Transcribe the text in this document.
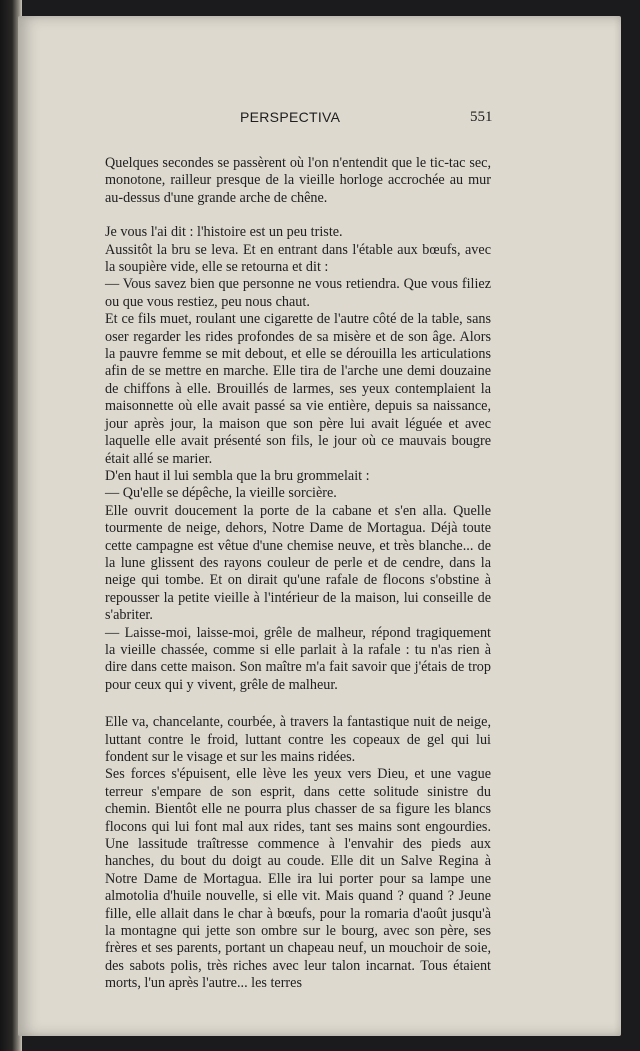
PERSPECTIVA	551

Quelques secondes se passèrent où l'on n'entendit que le tic-tac sec, monotone, railleur presque de la vieille horloge accrochée au mur au-dessus d'une grande arche de chêne.

Je vous l'ai dit : l'histoire est un peu triste.

Aussitôt la bru se leva. Et en entrant dans l'étable aux bœufs, avec la soupière vide, elle se retourna et dit :

— Vous savez bien que personne ne vous retiendra. Que vous filiez ou que vous restiez, peu nous chaut.

Et ce fils muet, roulant une cigarette de l'autre côté de la table, sans oser regarder les rides profondes de sa misère et de son âge. Alors la pauvre femme se mit debout, et elle se dérouilla les articulations afin de se mettre en marche. Elle tira de l'arche une demi douzaine de chiffons à elle. Brouillés de larmes, ses yeux contemplaient la maisonnette où elle avait passé sa vie entière, depuis sa naissance, jour après jour, la maison que son père lui avait léguée et avec laquelle elle avait présenté son fils, le jour où ce mauvais bougre était allé se marier.

D'en haut il lui sembla que la bru grommelait :

— Qu'elle se dépêche, la vieille sorcière.

Elle ouvrit doucement la porte de la cabane et s'en alla. Quelle tourmente de neige, dehors, Notre Dame de Mortagua. Déjà toute cette campagne est vêtue d'une chemise neuve, et très blanche... de la lune glissent des rayons couleur de perle et de cendre, dans la neige qui tombe. Et on dirait qu'une rafale de flocons s'obstine à repousser la petite vieille à l'intérieur de la maison, lui conseille de s'abriter.

— Laisse-moi, laisse-moi, grêle de malheur, répond tragiquement la vieille chassée, comme si elle parlait à la rafale : tu n'as rien à dire dans cette maison. Son maître m'a fait savoir que j'étais de trop pour ceux qui y vivent, grêle de malheur.

Elle va, chancelante, courbée, à travers la fantastique nuit de neige, luttant contre le froid, luttant contre les copeaux de gel qui lui fondent sur le visage et sur les mains ridées.

Ses forces s'épuisent, elle lève les yeux vers Dieu, et une vague terreur s'empare de son esprit, dans cette solitude sinistre du chemin. Bientôt elle ne pourra plus chasser de sa figure les blancs flocons qui lui font mal aux rides, tant ses mains sont engourdies. Une lassitude traîtresse commence à l'envahir des pieds aux hanches, du bout du doigt au coude. Elle dit un Salve Regina à Notre Dame de Mortagua. Elle ira lui porter pour sa lampe une almotolia d'huile nouvelle, si elle vit. Mais quand ? quand ? Jeune fille, elle allait dans le char à bœufs, pour la romaria d'août jusqu'à la montagne qui jette son ombre sur le bourg, avec son père, ses frères et ses parents, portant un chapeau neuf, un mouchoir de soie, des sabots polis, très riches avec leur talon incarnat. Tous étaient morts, l'un après l'autre... les terres
